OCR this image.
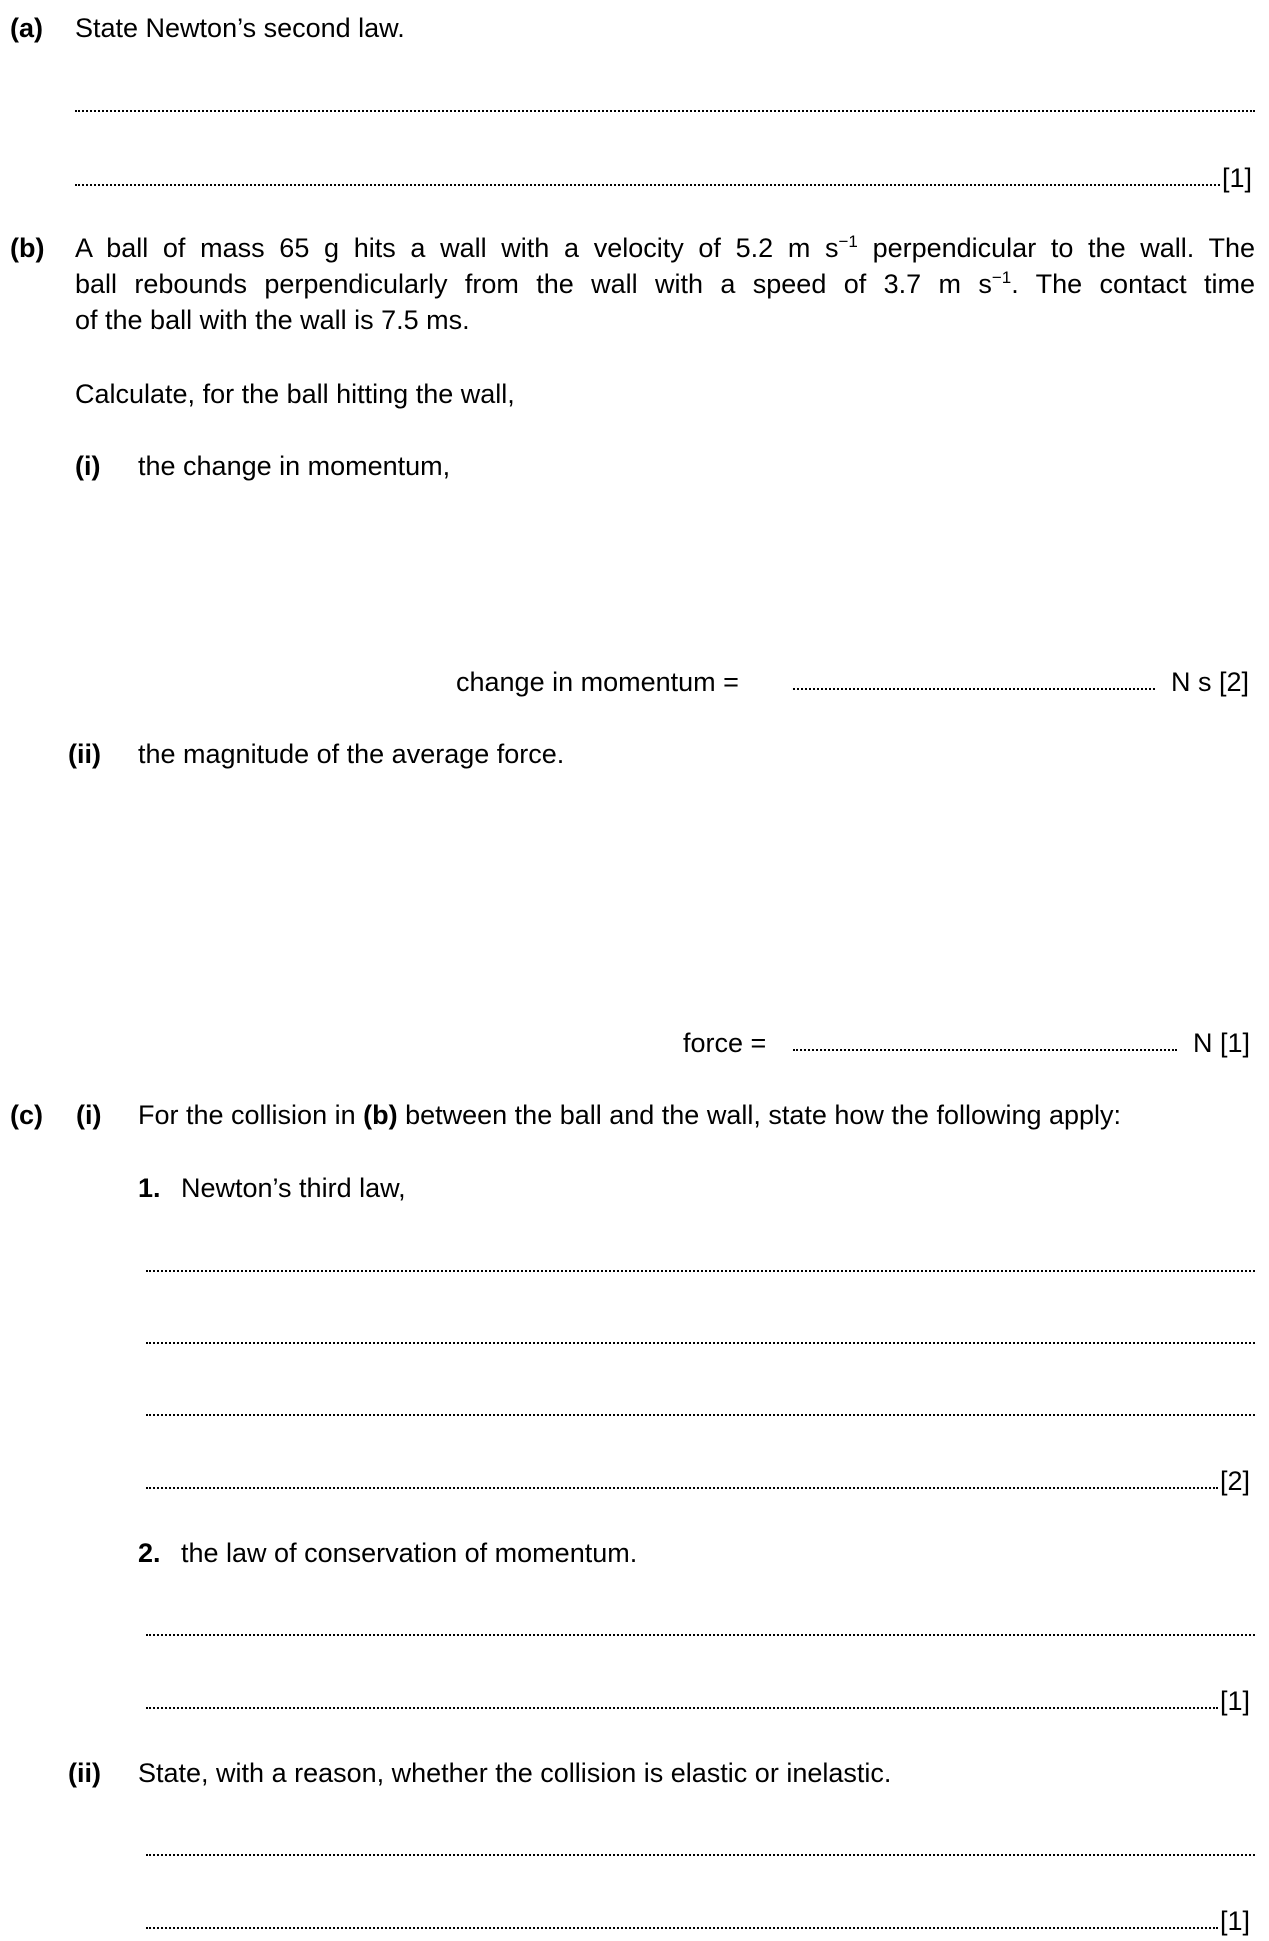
(a) State Newton’s second law.
[1]
(b) A ball of mass 65 g hits a wall with a velocity of 5.2 m $s^{-1}$ perpendicular to the wall. The

ball rebounds perpendicularly from the wall with a speed of 3.7 m $s^{-1}$. The contact time

of the ball with the wall is 7.5 ms.

Calculate, for the ball hitting the wall,
(i) the change in momentum,
change in momentum =	N s [2]
(ii) the magnitude of the average force.
force =	N [1]
(c) (i) For the collision in (b) between the ball and the wall, state how the following apply:
1. Newton’s third law,
[2]
2. the law of conservation of momentum.
[1]
(ii) State, with a reason, whether the collision is elastic or inelastic.
[1]
